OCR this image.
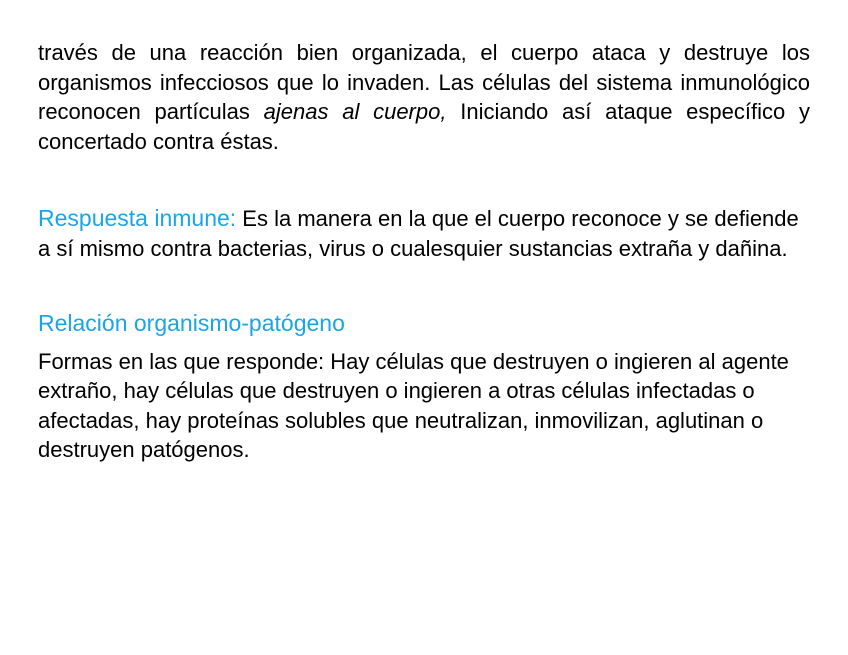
través de una reacción bien organizada, el cuerpo ataca y destruye los organismos infecciosos que lo invaden. Las células del sistema inmunológico reconocen partículas ajenas al cuerpo, Iniciando así ataque específico y concertado contra éstas.

Respuesta inmune: Es la manera en la que el cuerpo reconoce y se defiende a sí mismo contra bacterias, virus o cualesquier sustancias extraña y dañina.

Relación organismo-patógeno

Formas en las que responde: Hay células que destruyen o ingieren al agente extraño, hay células que destruyen o ingieren a otras células infectadas o afectadas, hay proteínas solubles que neutralizan, inmovilizan, aglutinan o destruyen patógenos.
